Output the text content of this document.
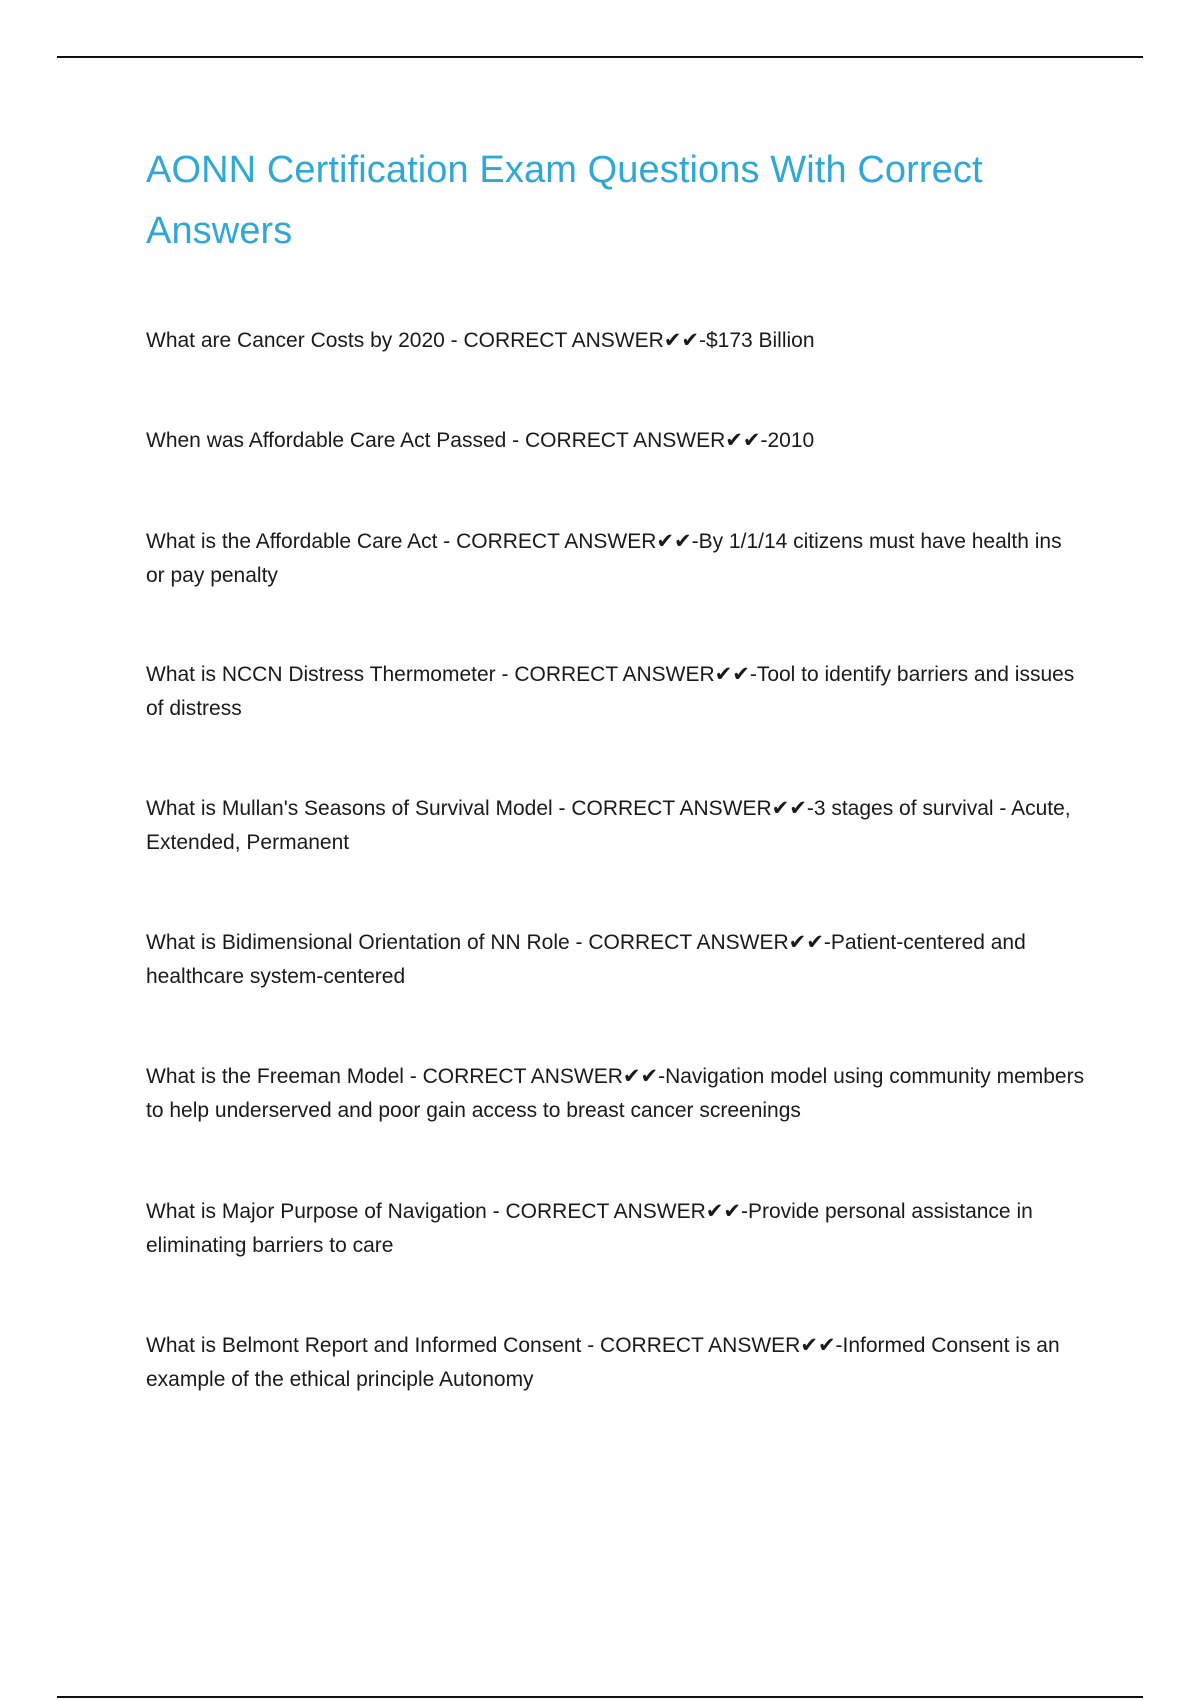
AONN Certification Exam Questions With Correct Answers

What are Cancer Costs by 2020 - CORRECT ANSWER✔✔-$173 Billion

When was Affordable Care Act Passed - CORRECT ANSWER✔✔-2010

What is the Affordable Care Act - CORRECT ANSWER✔✔-By 1/1/14 citizens must have health ins or pay penalty

What is NCCN Distress Thermometer - CORRECT ANSWER✔✔-Tool to identify barriers and issues of distress

What is Mullan's Seasons of Survival Model - CORRECT ANSWER✔✔-3 stages of survival - Acute, Extended, Permanent

What is Bidimensional Orientation of NN Role - CORRECT ANSWER✔✔-Patient-centered and healthcare system-centered

What is the Freeman Model - CORRECT ANSWER✔✔-Navigation model using community members to help underserved and poor gain access to breast cancer screenings

What is Major Purpose of Navigation - CORRECT ANSWER✔✔-Provide personal assistance in eliminating barriers to care

What is Belmont Report and Informed Consent - CORRECT ANSWER✔✔-Informed Consent is an example of the ethical principle Autonomy
